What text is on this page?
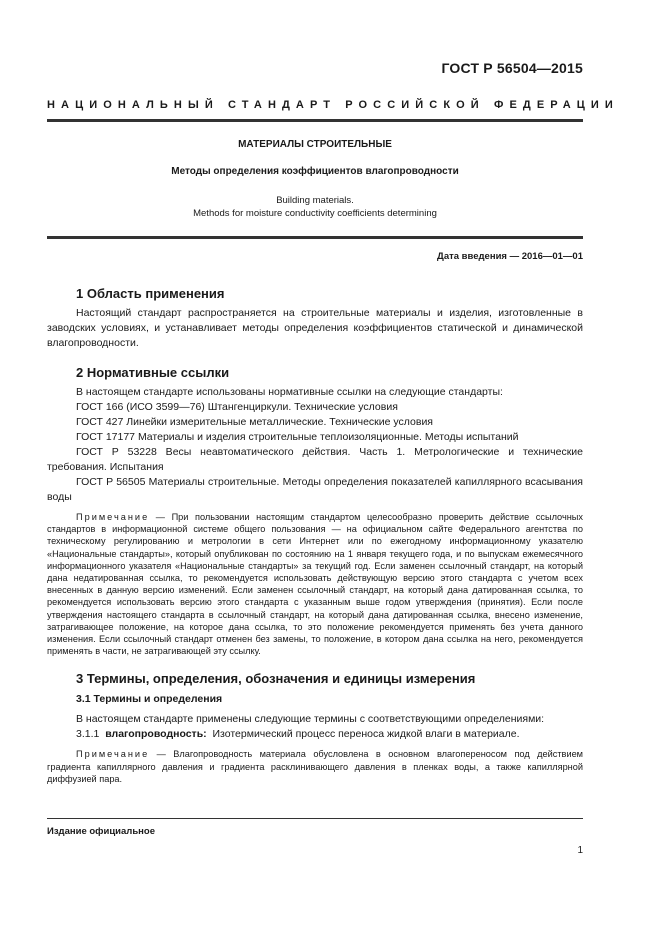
ГОСТ Р 56504—2015
НАЦИОНАЛЬНЫЙ СТАНДАРТ РОССИЙСКОЙ ФЕДЕРАЦИИ
МАТЕРИАЛЫ СТРОИТЕЛЬНЫЕ
Методы определения коэффициентов влагопроводности
Building materials.
Methods for moisture conductivity coefficients determining
Дата введения — 2016—01—01
1 Область применения

Настоящий стандарт распространяется на строительные материалы и изделия, изготовленные в заводских условиях, и устанавливает методы определения коэффициентов статической и динамической влагопроводности.

2 Нормативные ссылки

В настоящем стандарте использованы нормативные ссылки на следующие стандарты:

ГОСТ 166 (ИСО 3599—76) Штангенциркули. Технические условия

ГОСТ 427 Линейки измерительные металлические. Технические условия

ГОСТ 17177 Материалы и изделия строительные теплоизоляционные. Методы испытаний

ГОСТ Р 53228 Весы неавтоматического действия. Часть 1. Метрологические и технические требования. Испытания

ГОСТ Р 56505 Материалы строительные. Методы определения показателей капиллярного всасывания воды

Примечание — При пользовании настоящим стандартом целесообразно проверить действие ссылочных стандартов в информационной системе общего пользования — на официальном сайте Федерального агентства по техническому регулированию и метрологии в сети Интернет или по ежегодному информационному указателю «Национальные стандарты», который опубликован по состоянию на 1 января текущего года, и по выпускам ежемесячного информационного указателя «Национальные стандарты» за текущий год. Если заменен ссылочный стандарт, на который дана недатированная ссылка, то рекомендуется использовать действующую версию этого стандарта с учетом всех внесенных в данную версию изменений. Если заменен ссылочный стандарт, на который дана датированная ссылка, то рекомендуется использовать версию этого стандарта с указанным выше годом утверждения (принятия). Если после утверждения настоящего стандарта в ссылочный стандарт, на который дана датированная ссылка, внесено изменение, затрагивающее положение, на которое дана ссылка, то это положение рекомендуется применять без учета данного изменения. Если ссылочный стандарт отменен без замены, то положение, в котором дана ссылка на него, рекомендуется применять в части, не затрагивающей эту ссылку.

3 Термины, определения, обозначения и единицы измерения
3.1 Термины и определения

В настоящем стандарте применены следующие термины с соответствующими определениями:

3.1.1 влагопроводность: Изотермический процесс переноса жидкой влаги в материале.

Примечание — Влагопроводность материала обусловлена в основном влагопереносом под действием градиента капиллярного давления и градиента расклинивающего давления в пленках воды, а также капиллярной диффузией пара.

Издание официальное
1
